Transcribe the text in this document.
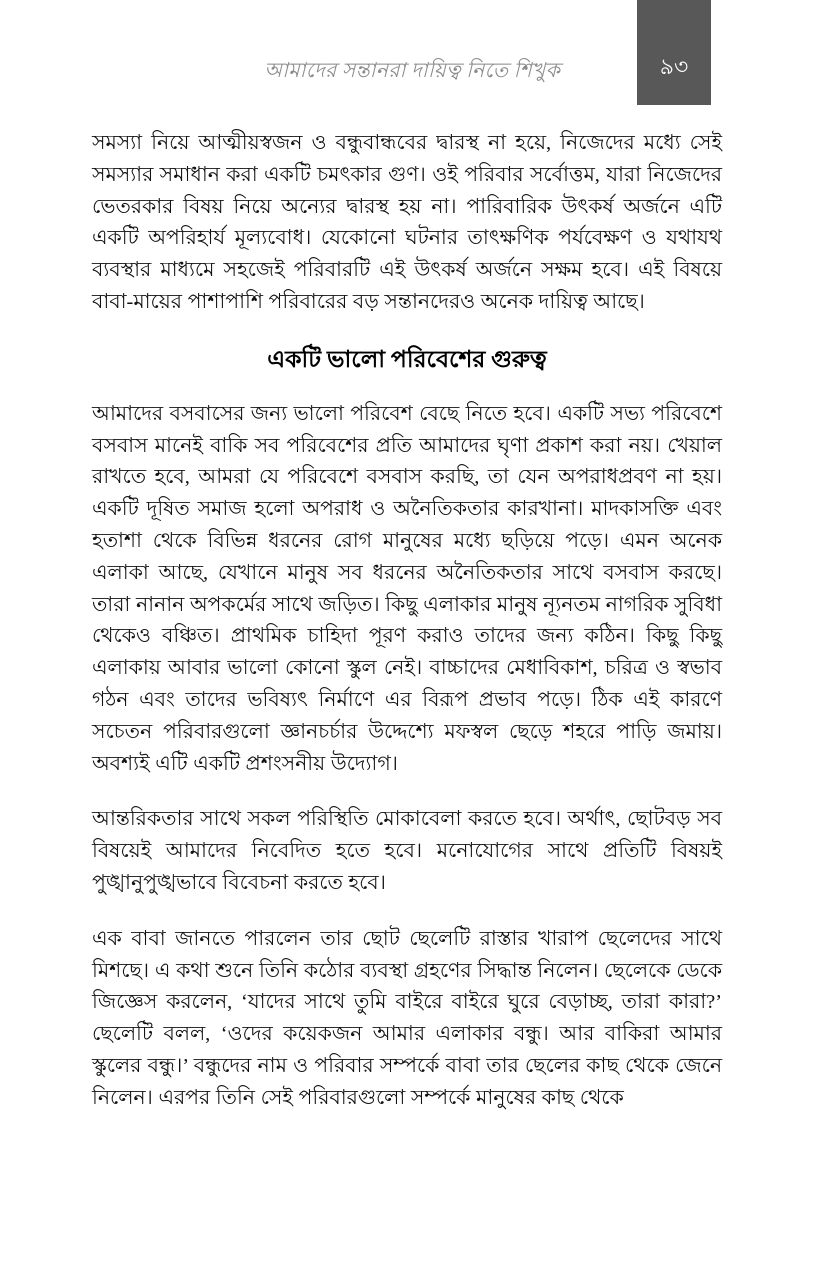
আমাদের সন্তানরা দায়িত্ব নিতে শিখুক	৯৩

সমস্যা নিয়ে আত্মীয়স্বজন ও বন্ধুবান্ধবের দ্বারস্থ না হয়ে, নিজেদের মধ্যে সেই সমস্যার সমাধান করা একটি চমৎকার গুণ। ওই পরিবার সর্বোত্তম, যারা নিজেদের ভেতরকার বিষয় নিয়ে অন্যের দ্বারস্থ হয় না। পারিবারিক উৎকর্ষ অর্জনে এটি একটি অপরিহার্য মূল্যবোধ। যেকোনো ঘটনার তাৎক্ষণিক পর্যবেক্ষণ ও যথাযথ ব্যবস্থার মাধ্যমে সহজেই পরিবারটি এই উৎকর্ষ অর্জনে সক্ষম হবে। এই বিষয়ে বাবা-মায়ের পাশাপাশি পরিবারের বড় সন্তানদেরও অনেক দায়িত্ব আছে।

একটি ভালো পরিবেশের গুরুত্ব

আমাদের বসবাসের জন্য ভালো পরিবেশ বেছে নিতে হবে। একটি সভ্য পরিবেশে বসবাস মানেই বাকি সব পরিবেশের প্রতি আমাদের ঘৃণা প্রকাশ করা নয়। খেয়াল রাখতে হবে, আমরা যে পরিবেশে বসবাস করছি, তা যেন অপরাধপ্রবণ না হয়। একটি দূষিত সমাজ হলো অপরাধ ও অনৈতিকতার কারখানা। মাদকাসক্তি এবং হতাশা থেকে বিভিন্ন ধরনের রোগ মানুষের মধ্যে ছড়িয়ে পড়ে। এমন অনেক এলাকা আছে, যেখানে মানুষ সব ধরনের অনৈতিকতার সাথে বসবাস করছে। তারা নানান অপকর্মের সাথে জড়িত। কিছু এলাকার মানুষ ন্যূনতম নাগরিক সুবিধা থেকেও বঞ্চিত। প্রাথমিক চাহিদা পূরণ করাও তাদের জন্য কঠিন। কিছু কিছু এলাকায় আবার ভালো কোনো স্কুল নেই। বাচ্চাদের মেধাবিকাশ, চরিত্র ও স্বভাব গঠন এবং তাদের ভবিষ্যৎ নির্মাণে এর বিরূপ প্রভাব পড়ে। ঠিক এই কারণে সচেতন পরিবারগুলো জ্ঞানচর্চার উদ্দেশ্যে মফস্বল ছেড়ে শহরে পাড়ি জমায়। অবশ্যই এটি একটি প্রশংসনীয় উদ্যোগ।

আন্তরিকতার সাথে সকল পরিস্থিতি মোকাবেলা করতে হবে। অর্থাৎ, ছোটবড় সব বিষয়েই আমাদের নিবেদিত হতে হবে। মনোযোগের সাথে প্রতিটি বিষয়ই পুঙ্খানুপুঙ্খভাবে বিবেচনা করতে হবে।

এক বাবা জানতে পারলেন তার ছোট ছেলেটি রাস্তার খারাপ ছেলেদের সাথে মিশছে। এ কথা শুনে তিনি কঠোর ব্যবস্থা গ্রহণের সিদ্ধান্ত নিলেন। ছেলেকে ডেকে জিজ্ঞেস করলেন, ‘যাদের সাথে তুমি বাইরে বাইরে ঘুরে বেড়াচ্ছ, তারা কারা?’ ছেলেটি বলল, ‘ওদের কয়েকজন আমার এলাকার বন্ধু। আর বাকিরা আমার স্কুলের বন্ধু।’ বন্ধুদের নাম ও পরিবার সম্পর্কে বাবা তার ছেলের কাছ থেকে জেনে নিলেন। এরপর তিনি সেই পরিবারগুলো সম্পর্কে মানুষের কাছ থেকে
